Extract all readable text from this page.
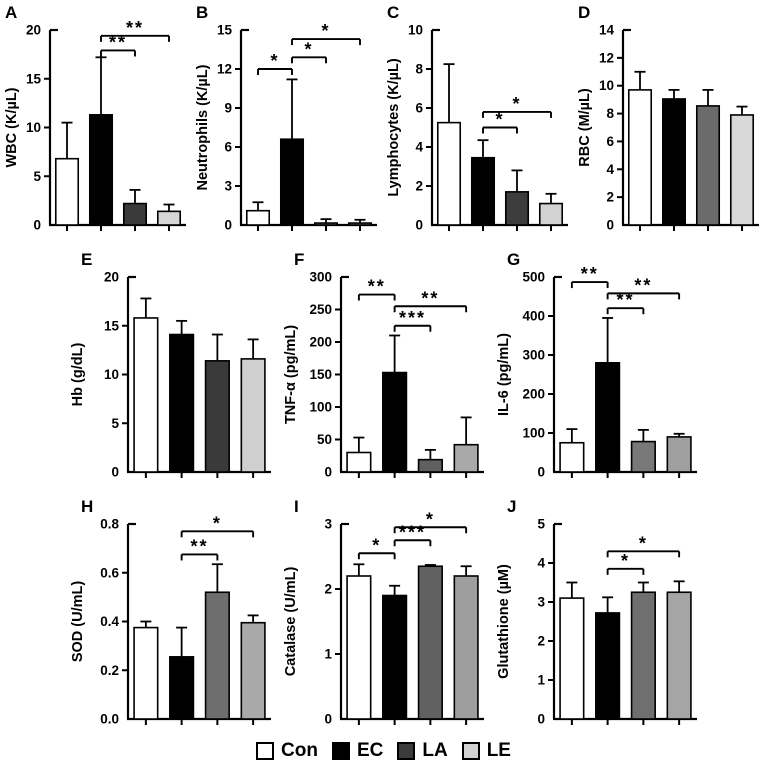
A
WBC (K/µL)
0
5
10
15
20
**
**
B
Neutrophils (K/µL)
0
3
6
9
12
15
*
*
*
C
Lymphocytes (K/µL)
0
2
4
6
8
10
*
*
D
RBC (M/µL)
0
2
4
6
8
10
12
14
E
Hb (g/dL)
0
5
10
15
20
F
TNF-α (pg/mL)
0
50
100
150
200
250
300 **
***
**
G
IL-6 (pg/mL)
0
100
200
300
400
500 **
**
**
H
SOD (U/mL)
0.0
0.2
0.4
0.6
0.8
**
*
I
Catalase (U/mL)
0
1
2
3
*
***
*
J
Glutathione (µM)
0
1
2
3
4
5
*
*
Con EC LA LE
